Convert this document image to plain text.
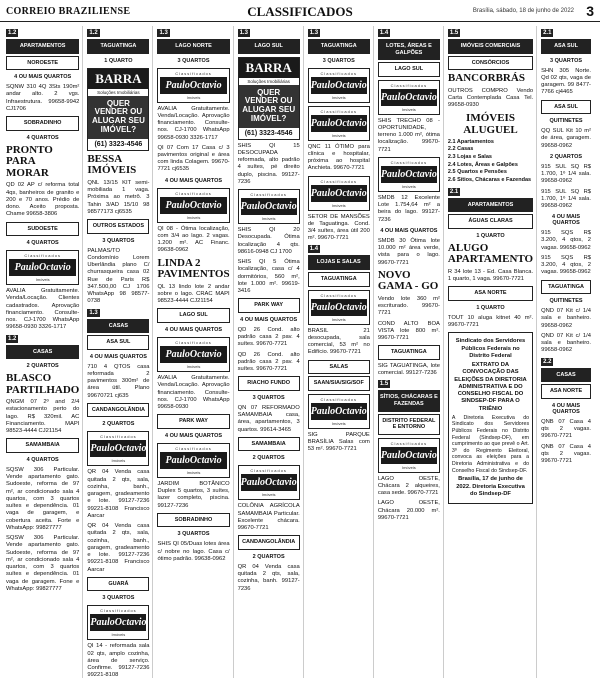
CORREIO BRAZILIENSE	CLASSIFICADOS	Brasília, sábado, 18 de junho de 2022 3
1.2
APARTAMENTOS
NOROESTE
4 OU MAIS QUARTOS

SQNW 310 4Q 3Sts 190m² andar alto. 2 vgs. Infraestrutura. 99658-9942 CJ1706

SOBRADINHO
4 QUARTOS
PRONTO PARA MORAR

QD 02 AP c/ reforma total 4qs, banheiros de granito e 200 e 70 anos. Prédio de dono. Aceito proposta. Chame 99658-3806

SUDOESTE
4 QUARTOS
Classificados
PauloOctavio
Imóveis

AVALIA Gratuitamente. Venda/Locação. Clientes cadastrados. Aprovação financiamento. Consulte-nos. CJ-1700 WhatsApp 99658-0930 3326-1717

1.2
CASAS
2 QUARTOS
BLASCO PARTILHADO

QNGM 07 2º and 2/4 estacionamento perto do lago. R$ 320mil. AC Financiamento. MAPI 98523-4444 CJ21154

SAMAMBAIA
4 QUARTOS

SQSW 306 Particular. Vende apartamento gato. Sudoeste, reforma de 97 m², ar condicionado sala 4 quartos, com 3 quartos suítes e dependência. 01 vaga de garagem, e cobertura aceita. Forte e WhatsApp: 99827777

SQSW 306 Particular. Vende apartamento gato. Sudoeste, reforma de 97 m², ar condicionado sala 4 quartos, com 3 quartos suítes e dependência. 01 vaga de garagem. Fone e WhatsApp: 99827777

1.2
TAGUATINGA
1 QUARTO
BARRA
Soluções Imobiliárias
QUER VENDER OU ALUGAR SEU IMÓVEL?
(61) 3323-4546
BESSA IMÓVEIS

QNL 13/15 KIT semi-mobiliada 1 vaga. Próxima ao metrô. 3 Tahin 3/AD 15/10 98 98577173 cj6535

OUTROS ESTADOS
3 QUARTOS

PALMAS/TO Condomínio Lorem Uberlândia plano C/ churrasqueira casa 02 Rue de Paris R$ 347.500,00 CJ 1706 WhatsApp 98 98577-0738

1.3
CASAS
ASA SUL
4 OU MAIS QUARTOS

710 4 QTOS casa reformada 2 pavimentos 300m² de área útil. Plano 99670721 cj635

CANDANGOLÂNDIA
2 QUARTOS
Classificados
PauloOctavio
Imóveis

QR 04 Venda casa quitada 2 qts, sala, cozinha, banh., garagem, gradeamento e lote. 99127-7236 99221-8108 Francisco Aarcar

QR 04 Venda casa quitada 2 qts, sala, cozinha, banh., garagem, gradeamento e lote. 99127-7236 99221-8108 Francisco Aarcar

GUARÁ
3 QUARTOS
Classificados
PauloOctavio
Imóveis

QI 14 - reformada sala 02 qts, amplo cozinha, área de serviço. Confirme. 99127-7236 99221-8108

1.3
LAGO NORTE
3 QUARTOS
Classificados
PauloOctavio
Imóveis

AVALIA Gratuitamente. Venda/Locação. Aprovação financiamento. Consulte-nos. CJ-1700 WhatsApp 99658-0930 3326-1717

QI 07 Com 17 Casa c/ 3 pavimentos original e área com linda Colagem. 99670-7721 cj6535

4 OU MAIS QUARTOS
Classificados
PauloOctavio
Imóveis

QI 08 - Ótima localização, com 3/4 ao lago. 2 vagas. 1.200 m². AC Financ. 99638-0962

LINDA 2 PAVIMENTOS

QL 13 lindo lote 2 andar sobre o lago. CRAC MAPI 98523-4444 CJ21154

LAGO SUL
4 OU MAIS QUARTOS
Classificados
PauloOctavio
Imóveis

AVALIA Gratuitamente. Venda/Locação. Aprovação financiamento. Consulte-nos. CJ-1700 WhatsApp 99658-0930

PARK WAY
4 OU MAIS QUARTOS
Classificados
PauloOctavio
Imóveis

JARDIM BOTÂNICO Duplex 5 quartos, 3 suítes, lazer completo, piscina. 99127-7236

SOBRADINHO
3 QUARTOS

SHIS QI 05/Duas lotes área c/ nobre no lago. Casa c/ ótimo padrão. 99638-0962

1.3
LAGO SUL
BARRA
Soluções Imobiliárias
QUER VENDER OU ALUGAR SEU IMÓVEL?
(61) 3323-4546

SHIS QI 15 DESOCUPADA reformada, alto padrão 4 suítes, pé direito duplo, piscina. 99127-7236

Classificados
PauloOctavio
Imóveis

SHIS QI 20 Desocupada. Ótima localização 4 qts. 98616-0948 CJ 1700

SHIS QI 5 Ótima localização, casa c/ 4 dormitórios, 560 m², lote 1.000 m². 99619-3416

PARK WAY
4 OU MAIS QUARTOS

QD 26 Cond. alto padrão casa 2 pav. 4 suítes. 99670-7721

QD 26 Cond. alto padrão casa 2 pav. 4 suítes. 99670-7721

RIACHO FUNDO
3 QUARTOS

QN 07 REFORMADO SAMAMBAIA casa, área, apartamentos, 3 quartos. 99614-3465

SAMAMBAIA
2 QUARTOS
Classificados
PauloOctavio
Imóveis

COLÔNIA AGRÍCOLA SAMAMBAIA Particular. Excelente chácara. 99670-7721

CANDANGOLÂNDIA
2 QUARTOS

QR 04 Venda casa quitada 2 qts, sala, cozinha, banh. 99127-7236

1.3
TAGUATINGA
3 QUARTOS
Classificados
PauloOctavio
Imóveis
Classificados
PauloOctavio
Imóveis

QNC 11 ÓTIMO para clínica e hospitalar, próxima ao hospital Anchieta. 99670-7721

Classificados
PauloOctavio
Imóveis

SETOR DE MANSÕES de Taguatinga. Cond. 3/4 suítes, área útil 200 m². 99670-7721

1.4
LOJAS E SALAS
TAGUATINGA
Classificados
PauloOctavio
Imóveis

BRASIL 21 desocupada, sala comercial, 53 m² no Edifício. 99670-7721

SALAS
SAAN/SIA/SIG/SOF
Classificados
PauloOctavio
Imóveis

SIG PARQUE BRASÍLIA Salas com 53 m². 99670-7721

1.4
LOTES, ÁREAS E GALPÕES
LAGO SUL
Classificados
PauloOctavio
Imóveis

SHIS TRECHO 08 - OPORTUNIDADE, terreno 1.000 m², ótima localização. 99670-7721

Classificados
PauloOctavio
Imóveis

SMDB 12 Excelente Lote 1.754,64 m² a beira do lago. 99127-7236

4 OU MAIS QUARTOS

SMDB 30 Ótima lote 10.000 m² área verde, vista para o lago. 99670-7721

NOVO GAMA - GO

Vendo lote 360 m² escriturado. 99670-7721

COND ALTO BOA VISTA lote 800 m². 99670-7721

TAGUATINGA

SIG TAGUATINGA, lote comercial. 99127-7236

1.5
SÍTIOS, CHÁCARAS E FAZENDAS
DISTRITO FEDERAL E ENTORNO
Classificados
PauloOctavio
Imóveis

LAGO OESTE, Chácara 2 alqueires, casa sede. 99670-7721

LAGO OESTE, Chácara 20.000 m². 99670-7721

1.5
IMÓVEIS COMERCIAIS
CONSÓRCIOS
BANCORBRÁS

OUTROS COMPRO Vendo Carta Contemplada Casa Tel. 99658-0930

IMÓVEIS ALUGUEL
2.1 Apartamentos
2.2 Casas
2.3 Lojas e Salas
2.4 Lotes, Áreas e Galpões
2.5 Quartos e Pensões
2.6 Sítios, Chácaras e Fazendas
2.1
APARTAMENTOS
ÁGUAS CLARAS
1 QUARTO
ALUGO APARTAMENTO

R 34 lote 13 - Ed. Casa Blanca. 1 quarto, 1 vaga. 99670-7721

ASA NORTE
1 QUARTO

TOUT 10 aluga kitnet 40 m². 99670-7721

Sindicato dos Servidores Públicos Federais no Distrito Federal
EXTRATO DA CONVOCAÇÃO DAS ELEIÇÕES DA DIRETORIA ADMINISTRATIVA E DO CONSELHO FISCAL DO SINDSEP-DF PARA O TRIÊNIO

A Diretoria Executiva do Sindicato dos Servidores Públicos Federais no Distrito Federal (Sindsep-DF), em cumprimento ao que prevê o Art. 3º do Regimento Eleitoral, convoca as eleições para a Diretoria Administrativa e do Conselho Fiscal do Sindsep-DF.

Brasília, 17 de junho de 2022. Diretoria Executiva do Sindsep-DF
2.1
ASA SUL
3 QUARTOS

SHN 305 Norte. Qd 02 qts, vaga de garagem. 99 8477-7766 cj4465

ASA SUL
QUITINETES

QQ SUL Kit 10 m² de área, garagem. 99658-0962

2 QUARTOS

915 SUL SQ R$ 1.700, 1º 1/4 sala. 99658-0962

915 SUL SQ R$ 1.700, 1º 1/4 sala. 99658-0962

4 OU MAIS QUARTOS

915 SQS R$ 3.200, 4 qtos, 2 vagas. 99658-0962

915 SQS R$ 3.200, 4 qtos, 2 vagas. 99658-0962

TAGUATINGA
QUITINETES

QND 07 Kit c/ 1/4 sala e banheiro. 99658-0962

QND 07 Kit c/ 1/4 sala e banheiro. 99658-0962

2.2
CASAS
ASA NORTE
4 OU MAIS QUARTOS

QNB 07 Casa 4 qts 2 vagas. 99670-7721

QNB 07 Casa 4 qts 2 vagas. 99670-7721
